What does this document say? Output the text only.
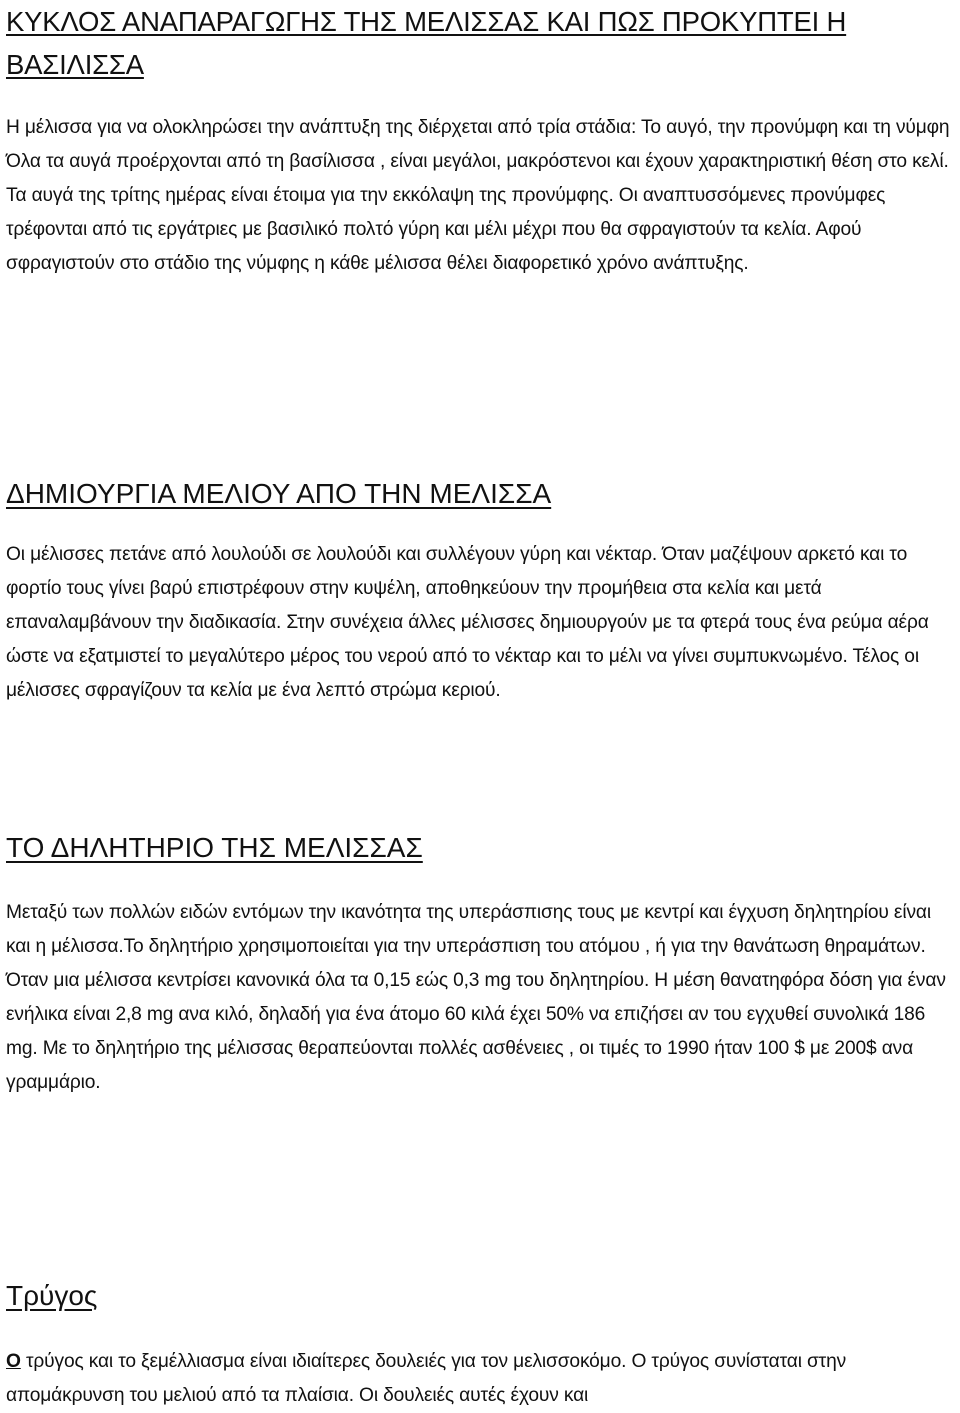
ΚΥΚΛΟΣ ΑΝΑΠΑΡΑΓΩΓΗΣ ΤΗΣ ΜΕΛΙΣΣΑΣ ΚΑΙ ΠΩΣ ΠΡΟΚΥΠΤΕΙ Η ΒΑΣΙΛΙΣΣΑ

Η μέλισσα για να ολοκληρώσει την ανάπτυξη της διέρχεται από τρία στάδια: Το αυγό, την προνύμφη και τη νύμφη Όλα τα αυγά προέρχονται από τη βασίλισσα , είναι μεγάλοι, μακρόστενοι και έχουν χαρακτηριστική θέση στο κελί. Τα αυγά της τρίτης ημέρας είναι έτοιμα για την εκκόλαψη της προνύμφης. Οι αναπτυσσόμενες προνύμφες τρέφονται από τις εργάτριες με βασιλικό πολτό γύρη και μέλι μέχρι που θα σφραγιστούν τα κελία. Αφού σφραγιστούν στο στάδιο της νύμφης η κάθε μέλισσα θέλει διαφορετικό χρόνο ανάπτυξης.

ΔΗΜΙΟΥΡΓΙΑ ΜΕΛΙΟΥ ΑΠΟ ΤΗΝ ΜΕΛΙΣΣΑ

Οι μέλισσες πετάνε από λουλούδι σε λουλούδι και συλλέγουν γύρη και νέκταρ. Όταν μαζέψουν αρκετό και το φορτίο τους γίνει βαρύ επιστρέφουν στην κυψέλη, αποθηκεύουν την προμήθεια στα κελία και μετά επαναλαμβάνουν την διαδικασία. Στην συνέχεια άλλες μέλισσες δημιουργούν με τα φτερά τους ένα ρεύμα αέρα ώστε να εξατμιστεί το μεγαλύτερο μέρος του νερού από το νέκταρ και το μέλι να γίνει συμπυκνωμένο. Τέλος οι μέλισσες σφραγίζουν τα κελία με ένα λεπτό στρώμα κεριού.

ΤΟ ΔΗΛΗΤΗΡΙΟ ΤΗΣ ΜΕΛΙΣΣΑΣ

Μεταξύ των πολλών ειδών εντόμων την ικανότητα της υπεράσπισης τους με κεντρί και έγχυση δηλητηρίου είναι και η μέλισσα.Το δηλητήριο χρησιμοποιείται για την υπεράσπιση του ατόμου , ή για την θανάτωση θηραμάτων. Όταν μια μέλισσα κεντρίσει κανονικά όλα τα 0,15 εώς 0,3 mg του δηλητηρίου. Η μέση θανατηφόρα δόση για έναν ενήλικα είναι 2,8 mg ανα κιλό, δηλαδή για ένα άτομο 60 κιλά έχει 50% να επιζήσει αν του εγχυθεί συνολικά 186 mg. Με το δηλητήριο της μέλισσας θεραπεύονται πολλές ασθένειες , οι τιμές το 1990 ήταν 100 $ με 200$ ανα γραμμάριο.

Τρύγος

Ο τρύγος και το ξεμέλλιασμα είναι ιδιαίτερες δουλειές για τον μελισσοκόμο. Ο τρύγος συνίσταται στην απομάκρυνση του μελιού από τα πλαίσια. Οι δουλειές αυτές έχουν και
